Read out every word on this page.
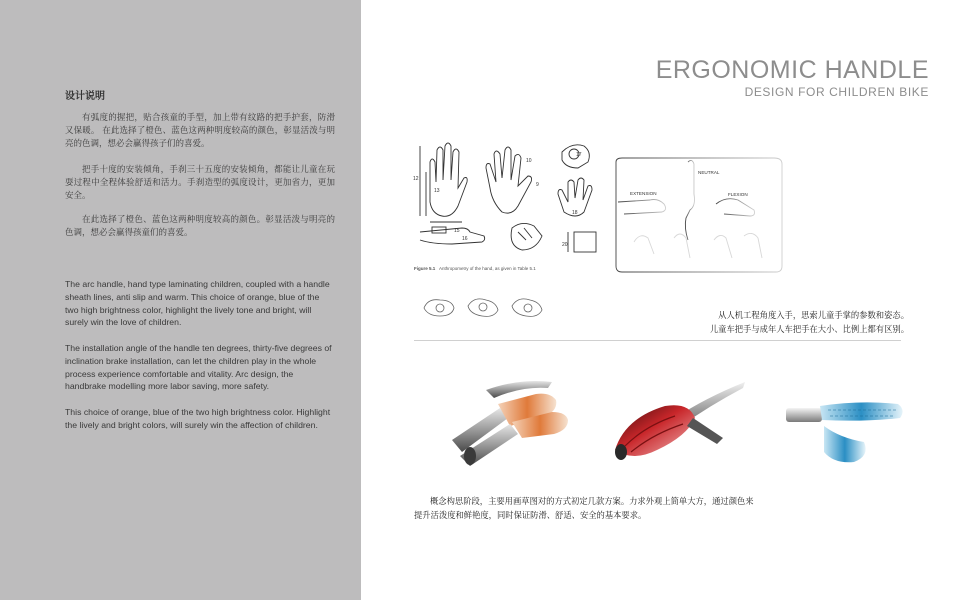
设计说明
有弧度的握把，贴合孩童的手型，加上带有纹路的把手护套，防滑又保暖。 在此选择了橙色、蓝色这两种明度较高的颜色，彰显活泼与明亮的色调，想必会赢得孩子们的喜爱。
把手十度的安装倾角，手刹三十五度的安装倾角，都能让儿童在玩耍过程中全程体验舒适和活力。手刹造型的弧度设计，更加省力，更加安全。
在此选择了橙色、蓝色这两种明度较高的颜色。彰显活泼与明亮的色调，想必会赢得孩童们的喜爱。
The arc handle, hand type laminating children, coupled with a handle sheath lines, anti slip and warm. This choice of orange, blue of the two high brightness color, highlight the lively tone and bright, will surely win the love of children.
The installation angle of the handle ten degrees, thirty-five degrees of inclination brake installation, can let the children play in the whole process experience comfortable and vitality. Arc design, the handbrake modelling more labor saving, more safety.
This choice of orange, blue of the two high brightness color. Highlight the lively and bright colors, will surely win the affection of children.
ERGONOMIC HANDLE
DESIGN FOR CHILDREN BIKE
12
13
10
17
9
18
15
16
20
Figure 5.1 Anthropometry of the hand, as given in Table 5.1
NEUTRAL
EXTENSION	FLEXION
从人机工程角度入手，思索儿童手掌的参数和姿态。
儿童车把手与成年人车把手在大小、比例上都有区别。
概念构思阶段，主要用画草图对的方式初定几款方案。力求外观上简单大方，通过颜色来提升活泼度和鲜艳度，同时保证防滑、舒适、安全的基本要求。
